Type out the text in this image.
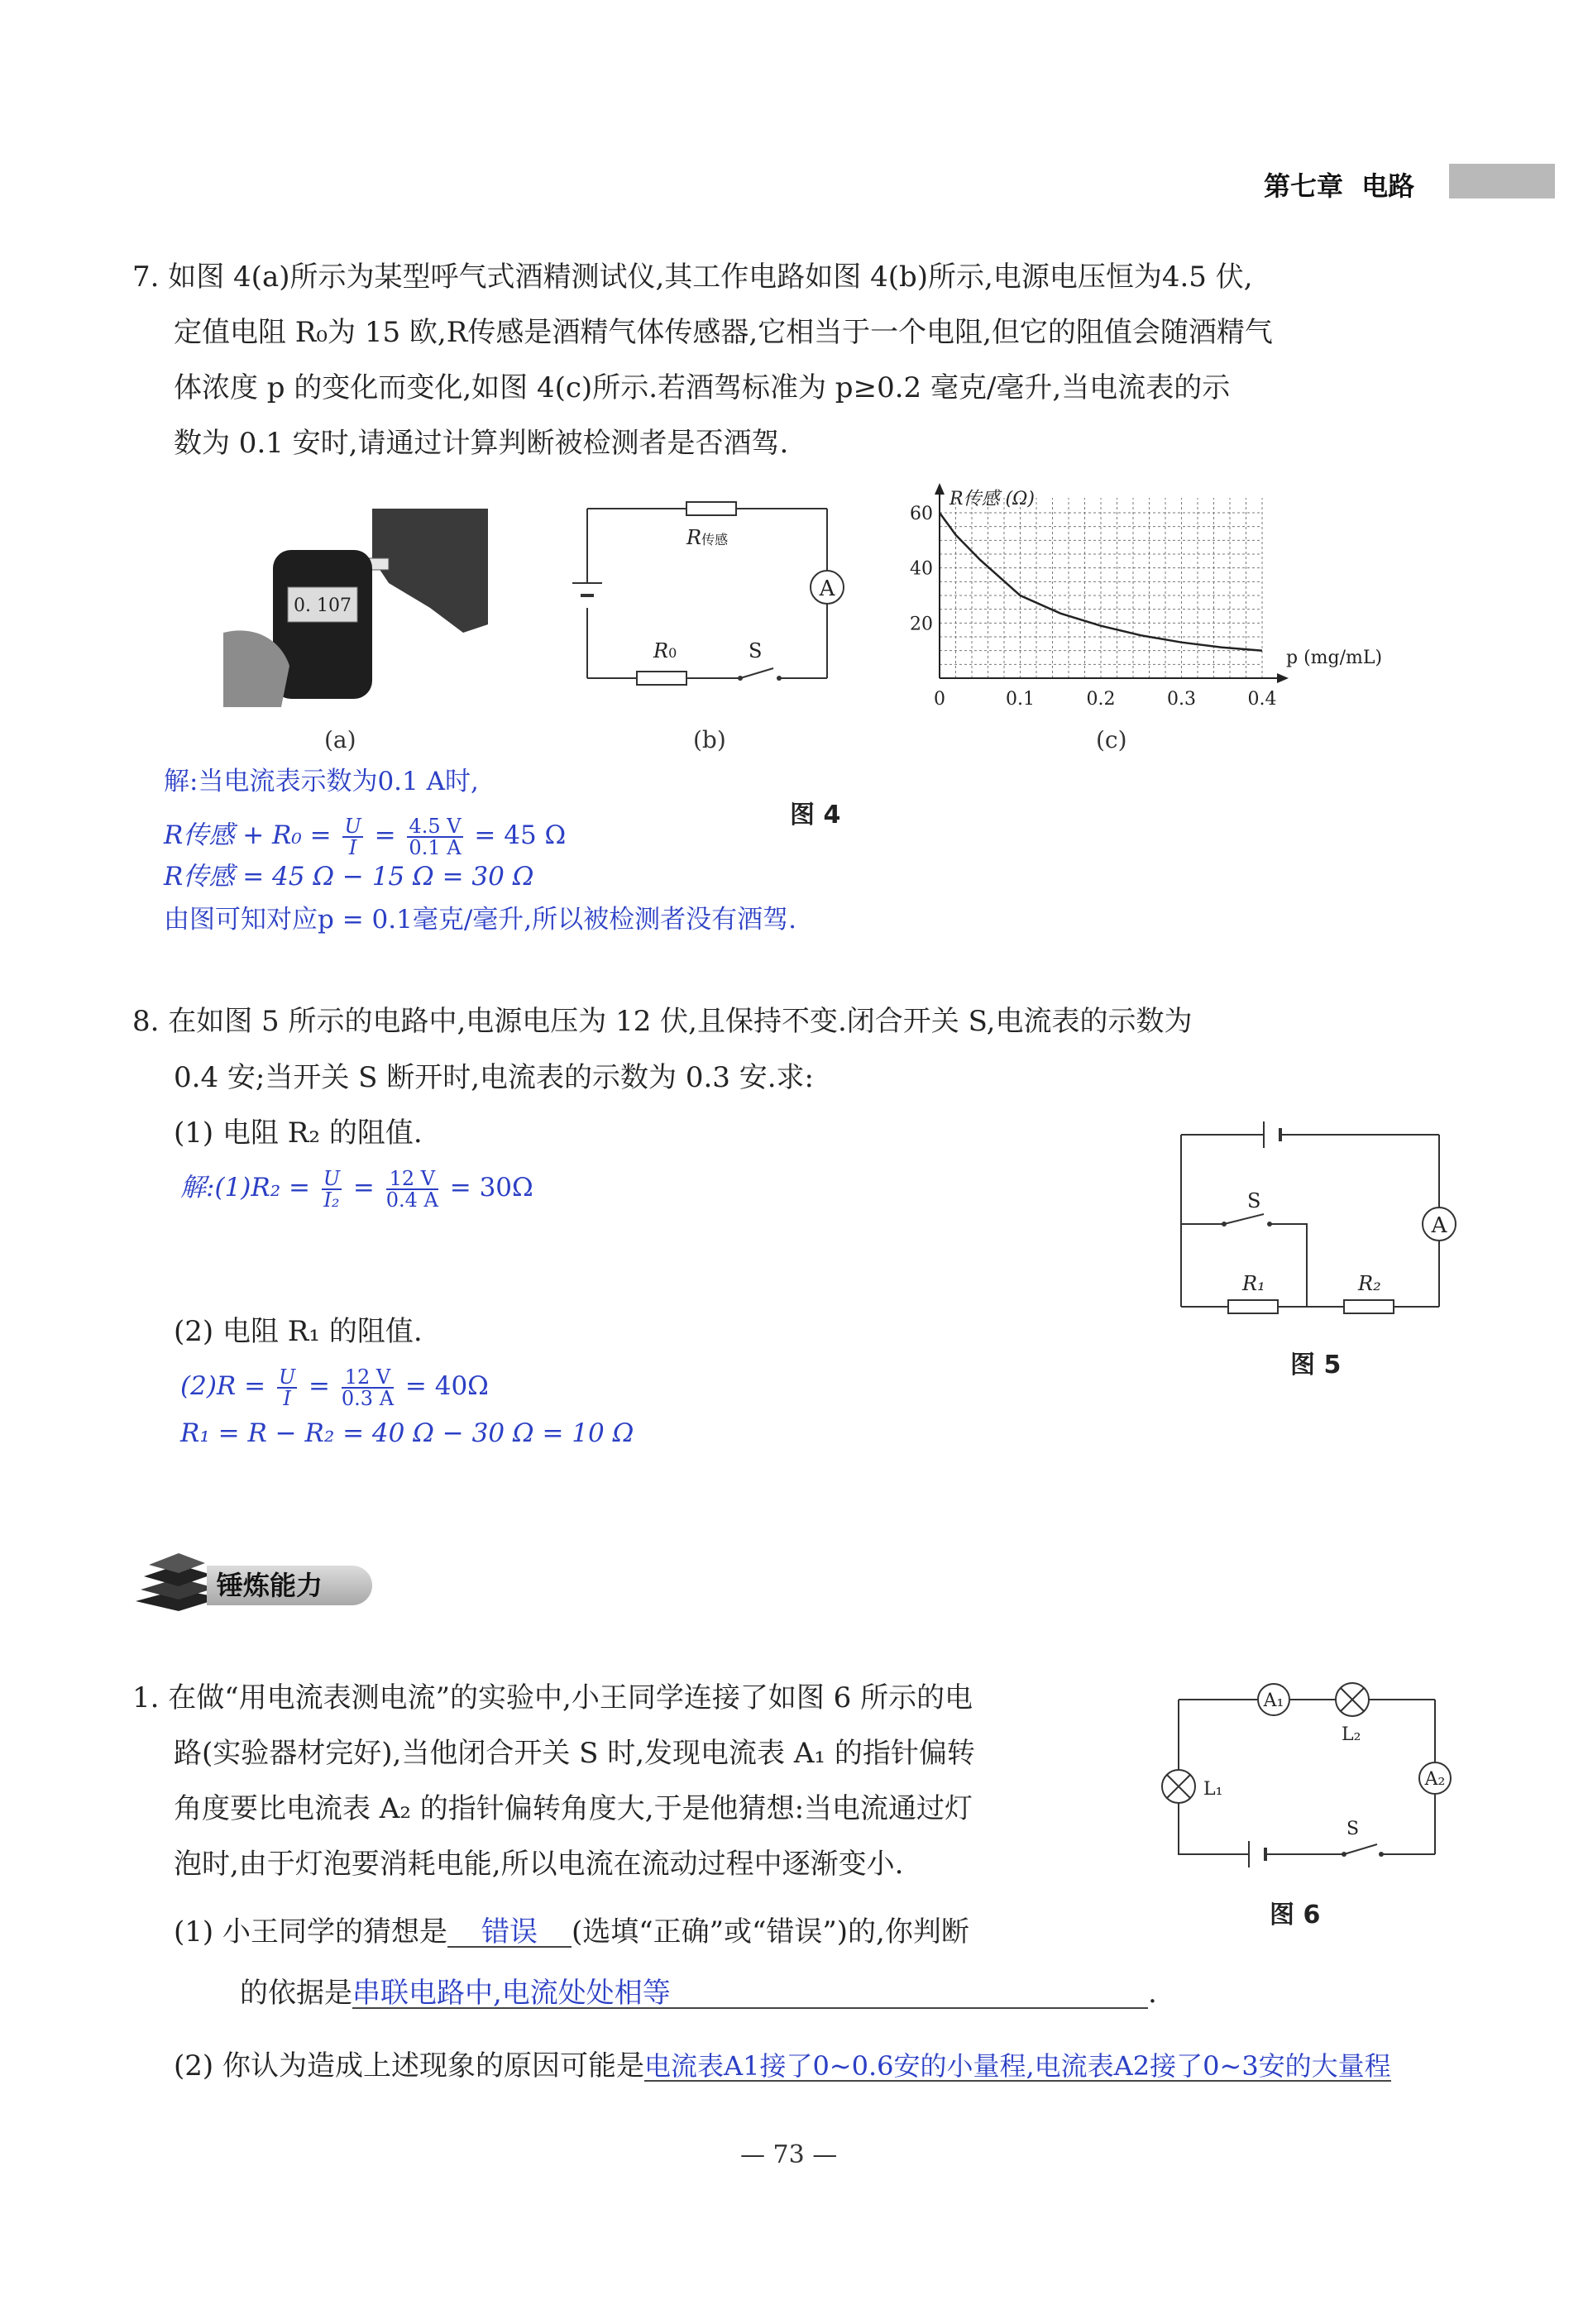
第七章 电路
7. 如图 4(a)所示为某型呼气式酒精测试仪,其工作电路如图 4(b)所示,电源电压恒为4.5 伏,
定值电阻 R₀为 15 欧,R传感是酒精气体传感器,它相当于一个电阻,但它的阻值会随酒精气
体浓度 p 的变化而变化,如图 4(c)所示.若酒驾标准为 p≥0.2 毫克/毫升,当电流表的示
数为 0.1 安时,请通过计算判断被检测者是否酒驾.
0. 107
(a)
A
R传感
R0	S
(b)
0	0.1	0.2	0.3	0.4
20
40
60
R传感 (Ω)
p (mg/mL)
(c)
解:当电流表示数为0.1 A时,
图 4
R传感 + $R_0 = \frac{U}{I} = \frac{4.5 V}{0.1 A} = 45$ Ω
R传感 = 45 Ω − 15 Ω = 30 Ω
由图可知对应p = 0.1毫克/毫升,所以被检测者没有酒驾.
8. 在如图 5 所示的电路中,电源电压为 12 伏,且保持不变.闭合开关 S,电流表的示数为
0.4 安;当开关 S 断开时,电流表的示数为 0.3 安.求:
(1) 电阻 R₂ 的阻值.
解:(1)R₂ = $\frac{U}{\text{I₂}} = \frac{12 V}{0.4 A} = 30\Omega$
(2) 电阻 R₁ 的阻值.
$(2)R = \frac{U}{I} = \frac{12 V}{0.3 A} = 40\Omega$
R₁ = R − R₂ = 40 Ω − 30 Ω = 10 Ω
A
S
R₁	R₂
图 5
锤炼能力
1. 在做“用电流表测电流”的实验中,小王同学连接了如图 6 所示的电
路(实验器材完好),当他闭合开关 S 时,发现电流表 A₁ 的指针偏转
角度要比电流表 A₂ 的指针偏转角度大,于是他猜想:当电流通过灯
泡时,由于灯泡要消耗电能,所以电流在流动过程中逐渐变小.
(1) 小王同学的猜想是 错误 (选填“正确”或“错误”)的,你判断
的依据是串联电路中,电流处处相等	.
(2) 你认为造成上述现象的原因可能是电流表A1接了0~0.6安的小量程,电流表A2接了0~3安的大量程
A₁
A₂
L₂
L₁
S
图 6
— 73 —
